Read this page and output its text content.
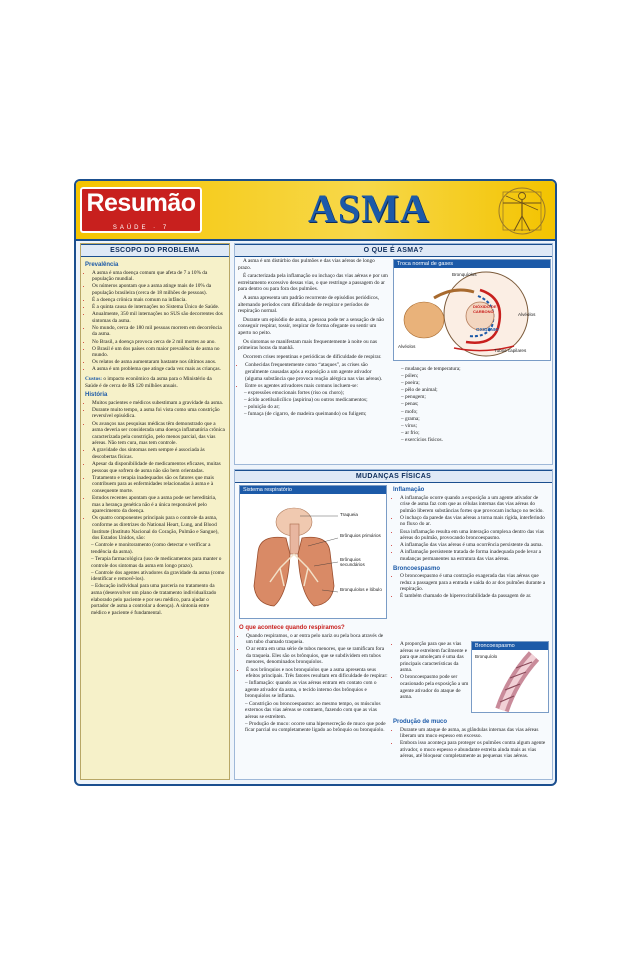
Resumão
SAÚDE · 7	ASMA
ESCOPO DO PROBLEMA
Prevalência
• A asma é uma doença comum que afeta de 7 a 10% da população mundial.
• Os números apontam que a asma atinge mais de 10% da população brasileira (cerca de 18 milhões de pessoas).
• É a doença crônica mais comum na infância.
• É a quinta causa de internações no Sistema Único de Saúde.
• Anualmente, 350 mil internações no SUS são decorrentes dos sintomas da asma.
• No mundo, cerca de 180 mil pessoas morrem em decorrência da asma.
• No Brasil, a doença provoca cerca de 2 mil mortes ao ano.
• O Brasil é um dos países com maior prevalência de asma no mundo.
• Os relatos de asma aumentaram bastante nos últimos anos.
• A asma é um problema que atinge cada vez mais as crianças.
Custos: o impacto econômico da asma para o Ministério da Saúde é de cerca de R$ 120 milhões anuais.
História
• Muitos pacientes e médicos subestimam a gravidade da asma.
• Durante muito tempo, a asma foi vista como uma constrição reversível episódica.
• Os avanços nas pesquisas médicas têm demonstrado que a asma deveria ser considerada uma doença inflamatória crônica caracterizada pela constrição, pelo menos parcial, das vias aéreas. Não tem cura, mas tem controle.
• A gravidade dos sintomas nem sempre é associada às descobertas físicas.
• Apesar da disponibilidade de medicamentos eficazes, muitas pessoas que sofrem de asma não são bem orientadas.
• Tratamento e terapia inadequados são os fatores que mais contribuem para as enfermidades relacionadas à asma e à consequente morte.
• Estudos recentes apontam que a asma pode ser hereditária, mas a herança genética não é a única responsável pelo aparecimento da doença.
• Os quatro componentes principais para o controle da asma, conforme as diretrizes do National Heart, Lung, and Blood Institute (Instituto Nacional do Coração, Pulmão e Sangue), dos Estados Unidos, são:
– Controle e monitoramento (como detectar e verificar a tendência da asma).
– Terapia farmacológica (uso de medicamentos para manter o controle dos sintomas da asma em longo prazo).
– Controle dos agentes ativadores da gravidade da asma (como identificar e removê-los).
– Educação individual para uma parceria no tratamento da asma (desenvolver um plano de tratamento individualizado elaborado pelo paciente e por seu médico, para ajudar o portador de asma a controlar a doença). A sintonia entre médico e paciente é fundamental.
O QUE É ASMA?

A asma é um distúrbio dos pulmões e das vias aéreas de longo prazo.

É caracterizada pela inflamação ou inchaço das vias aéreas e por um estreitamento excessivo dessas vias, o que restringe a passagem do ar para dentro ou para fora dos pulmões.

A asma apresenta um padrão recorrente de episódios periódicos, alternando períodos com dificuldade de respirar e períodos de respiração normal.

Durante um episódio de asma, a pessoa pode ter a sensação de não conseguir respirar, tossir, respirar de forma ofegante ou sentir um aperto no peito.

Os sintomas se manifestam mais frequentemente à noite ou nas primeiras horas da manhã.

Ocorrem crises repentinas e periódicas de dificuldade de respirar.

• Conhecidas frequentemente como “ataques”, as crises são geralmente causadas após a exposição a um agente ativador (alguma substância que provoca reação alérgica nas vias aéreas).
• Entre os agentes ativadores mais comuns incluem-se:
– expressões emocionais fortes (riso ou choro);
– ácido acetilsalicílico (aspirina) ou outros medicamentos;
– poluição do ar;
– fumaça (de cigarro, de madeira queimando) ou fuligem;
Troca normal de gases
Bronquíolos
Alvéolos
DIÓXIDO DE CARBONO
OXIGÊNIO
Alvéolos
Tubos capilares
– mudanças de temperatura;
– pólen;
– poeira;
– pêlo de animal;
– penugem;
– penas;
– mofo;
– grama;
– vírus;
– ar frio;
– exercícios físicos.
MUDANÇAS FÍSICAS
Sistema respiratório
Traqueia
Brônquios primários
Brônquios secundários
Bronquíolos e lóbulo
O que acontece quando respiramos?
• Quando respiramos, o ar entra pelo nariz ou pela boca através de um tubo chamado traqueia.
• O ar entra em uma série de tubos menores, que se ramificam fora da traqueia. Eles são os brônquios, que se subdividem em tubos menores, denominados bronquíolos.
• É nos brônquios e nos bronquíolos que a asma apresenta seus efeitos principais. Três fatores resultam em dificuldade de respirar:
– Inflamação: quando as vias aéreas entram em contato com o agente ativador da asma, o tecido interno dos brônquios e bronquíolos se inflama.
– Constrição ou broncoespasmo: ao mesmo tempo, os músculos externos das vias aéreas se contraem, fazendo com que as vias aéreas se estreitem.
– Produção de muco: ocorre uma hipersecreção de muco que pode ficar parcial ou completamente ligado ao brônquio ou bronquíolo.
Inflamação
• A inflamação ocorre quando a exposição a um agente ativador de crise de asma faz com que as células internas das vias aéreas do pulmão liberem substâncias fortes que provocam inchaço no tecido.
• O inchaço da parede das vias aéreas a torna mais rígida, interferindo no fluxo do ar.
• Essa inflamação resulta em uma interação complexa dentro das vias aéreas do pulmão, provocando broncoespasmo.
• A inflamação das vias aéreas é uma ocorrência persistente da asma.
• A inflamação persistente tratada de forma inadequada pode levar a mudanças permanentes na estrutura das vias aéreas.
Broncoespasmo
• O broncoespasmo é uma contração exagerada das vias aéreas que reduz a passagem para a entrada e saída do ar dos pulmões durante a respiração.
• É também chamado de hiperexcitabilidade da passagem de ar.
• A proporção para que as vias aéreas se estreitem facilmente e para que amoleçam é uma das principais características da asma.
• O broncoespasmo pode ser ocasionado pela exposição a um agente ativador do ataque de asma.
Broncoespasmo
Bronquíolo
Produção de muco
• Durante um ataque de asma, as glândulas internas das vias aéreas liberam um muco espesso em excesso.
• Embora isso aconteça para proteger os pulmões contra algum agente ativador, o muco espesso e abundante estreita ainda mais as vias aéreas, até bloquear completamente as pequenas vias aéreas.
